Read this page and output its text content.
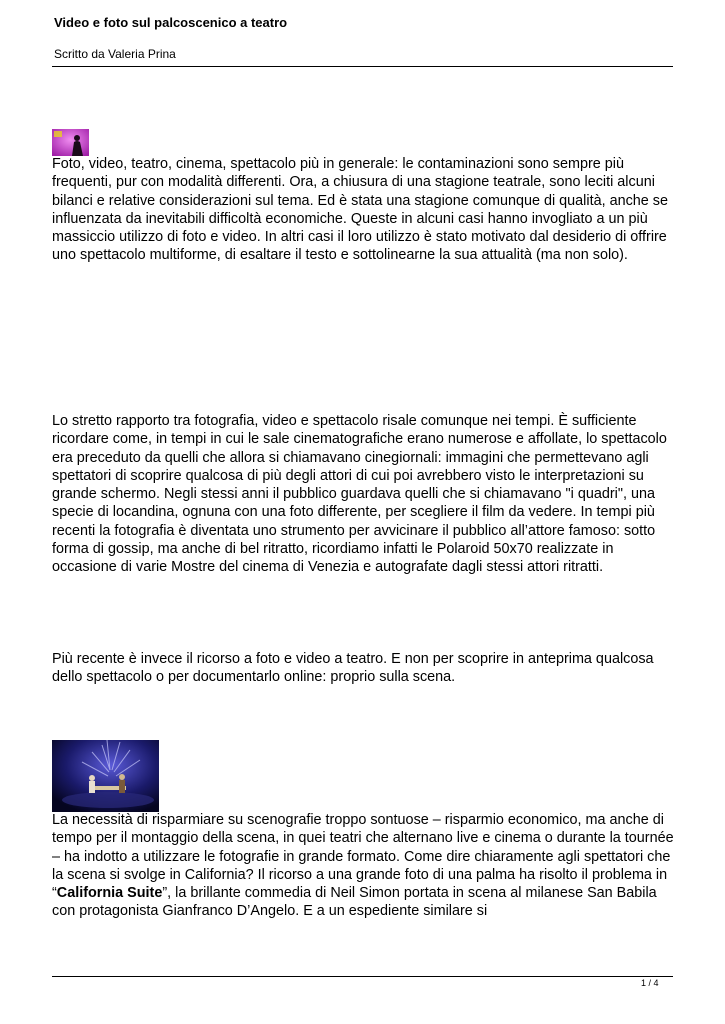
Video e foto sul palcoscenico a teatro
Scritto da Valeria Prina
Foto, video, teatro, cinema, spettacolo più in generale: le contaminazioni sono sempre più frequenti, pur con modalità differenti. Ora, a chiusura di una stagione teatrale, sono leciti alcuni bilanci e relative considerazioni sul tema. Ed è stata una stagione comunque di qualità, anche se influenzata da inevitabili difficoltà economiche. Queste in alcuni casi hanno invogliato a un più massiccio utilizzo di foto e video. In altri casi il loro utilizzo è stato motivato dal desiderio di offrire uno spettacolo multiforme, di esaltare il testo e sottolinearne la sua attualità (ma non solo).
Lo stretto rapporto tra fotografia, video e spettacolo risale comunque nei tempi. È sufficiente ricordare come, in tempi in cui le sale cinematografiche erano numerose e affollate, lo spettacolo era preceduto da quelli che allora si chiamavano cinegiornali: immagini che permettevano agli spettatori di scoprire qualcosa di più degli attori di cui poi avrebbero visto le interpretazioni su grande schermo. Negli stessi anni il pubblico guardava quelli che si chiamavano "i quadri", una specie di locandina, ognuna con una foto differente, per scegliere il film da vedere. In tempi più recenti la fotografia è diventata uno strumento per avvicinare il pubblico all’attore famoso: sotto forma di gossip, ma anche di bel ritratto, ricordiamo infatti le Polaroid 50x70 realizzate in occasione di varie Mostre del cinema di Venezia e autografate dagli stessi attori ritratti.
Più recente è invece il ricorso a foto e video a teatro. E non per scoprire in anteprima qualcosa dello spettacolo o per documentarlo online: proprio sulla scena.
La necessità di risparmiare su scenografie troppo sontuose – risparmio economico, ma anche di tempo per il montaggio della scena, in quei teatri che alternano live e cinema o durante la tournée – ha indotto a utilizzare le fotografie in grande formato. Come dire chiaramente agli spettatori che la scena si svolge in California? Il ricorso a una grande foto di una palma ha risolto il problema in “California Suite”, la brillante commedia di Neil Simon portata in scena al milanese San Babila con protagonista Gianfranco D’Angelo. E a un espediente similare si
1 / 4
